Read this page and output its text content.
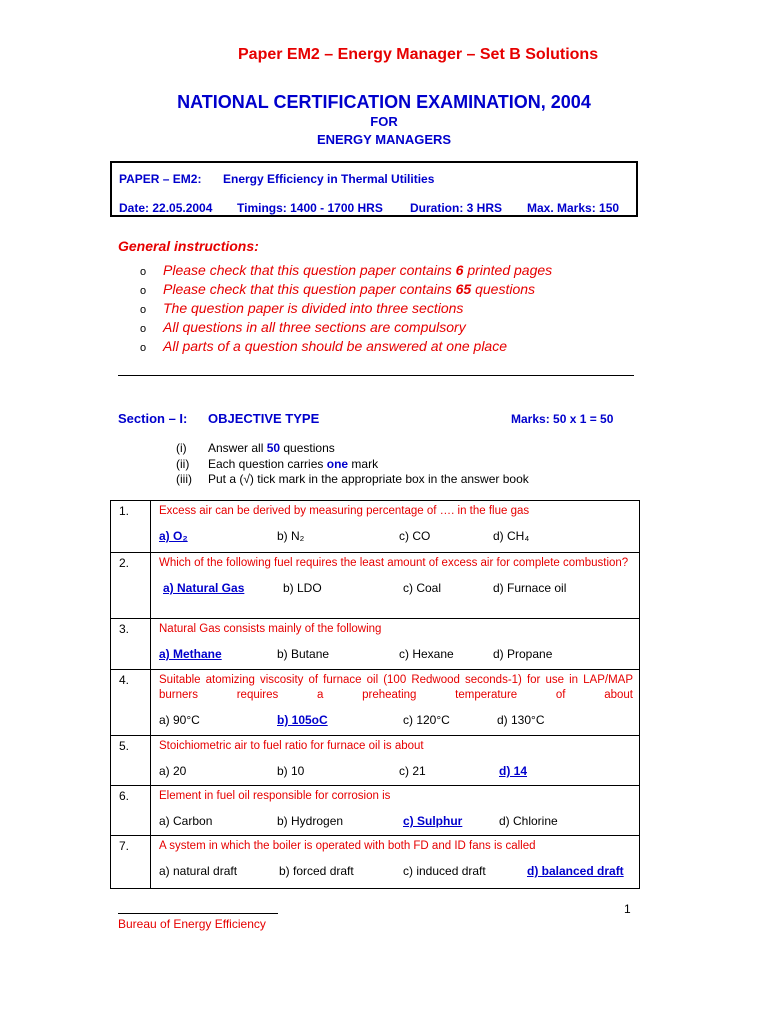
Paper EM2 – Energy Manager – Set B Solutions
NATIONAL CERTIFICATION EXAMINATION, 2004
FOR
ENERGY MANAGERS
PAPER – EM2: Energy Efficiency in Thermal Utilities
Date: 22.05.2004 Timings: 1400 - 1700 HRS Duration: 3 HRS Max. Marks: 150
General instructions:
o Please check that this question paper contains 6 printed pages
o Please check that this question paper contains 65 questions
o The question paper is divided into three sections
o All questions in all three sections are compulsory
o All parts of a question should be answered at one place
Section – I: OBJECTIVE TYPE	Marks: 50 x 1 = 50
(i) Answer all 50 questions
(ii) Each question carries one mark
(iii) Put a (√) tick mark in the appropriate box in the answer book
1.	Excess air can be derived by measuring percentage of …. in the flue gas
a) O₂ b) N₂ c) CO d) CH₄

2.	Which of the following fuel requires the least amount of excess air for complete combustion?
a) Natural Gas b) LDO c) Coal d) Furnace oil

3.	Natural Gas consists mainly of the following
a) Methane b) Butane c) Hexane d) Propane

4.	Suitable atomizing viscosity of furnace oil (100 Redwood seconds-1) for use in LAP/MAP burners requires a preheating temperature of about
a) 90°C b) 105oC c) 120°C d) 130°C

5.	Stoichiometric air to fuel ratio for furnace oil is about
a) 20 b) 10 c) 21 d) 14

6.	Element in fuel oil responsible for corrosion is
a) Carbon b) Hydrogen c) Sulphur d) Chlorine

7.	A system in which the boiler is operated with both FD and ID fans is called
a) natural draft b) forced draft c) induced draft d) balanced draft
Bureau of Energy Efficiency
1
